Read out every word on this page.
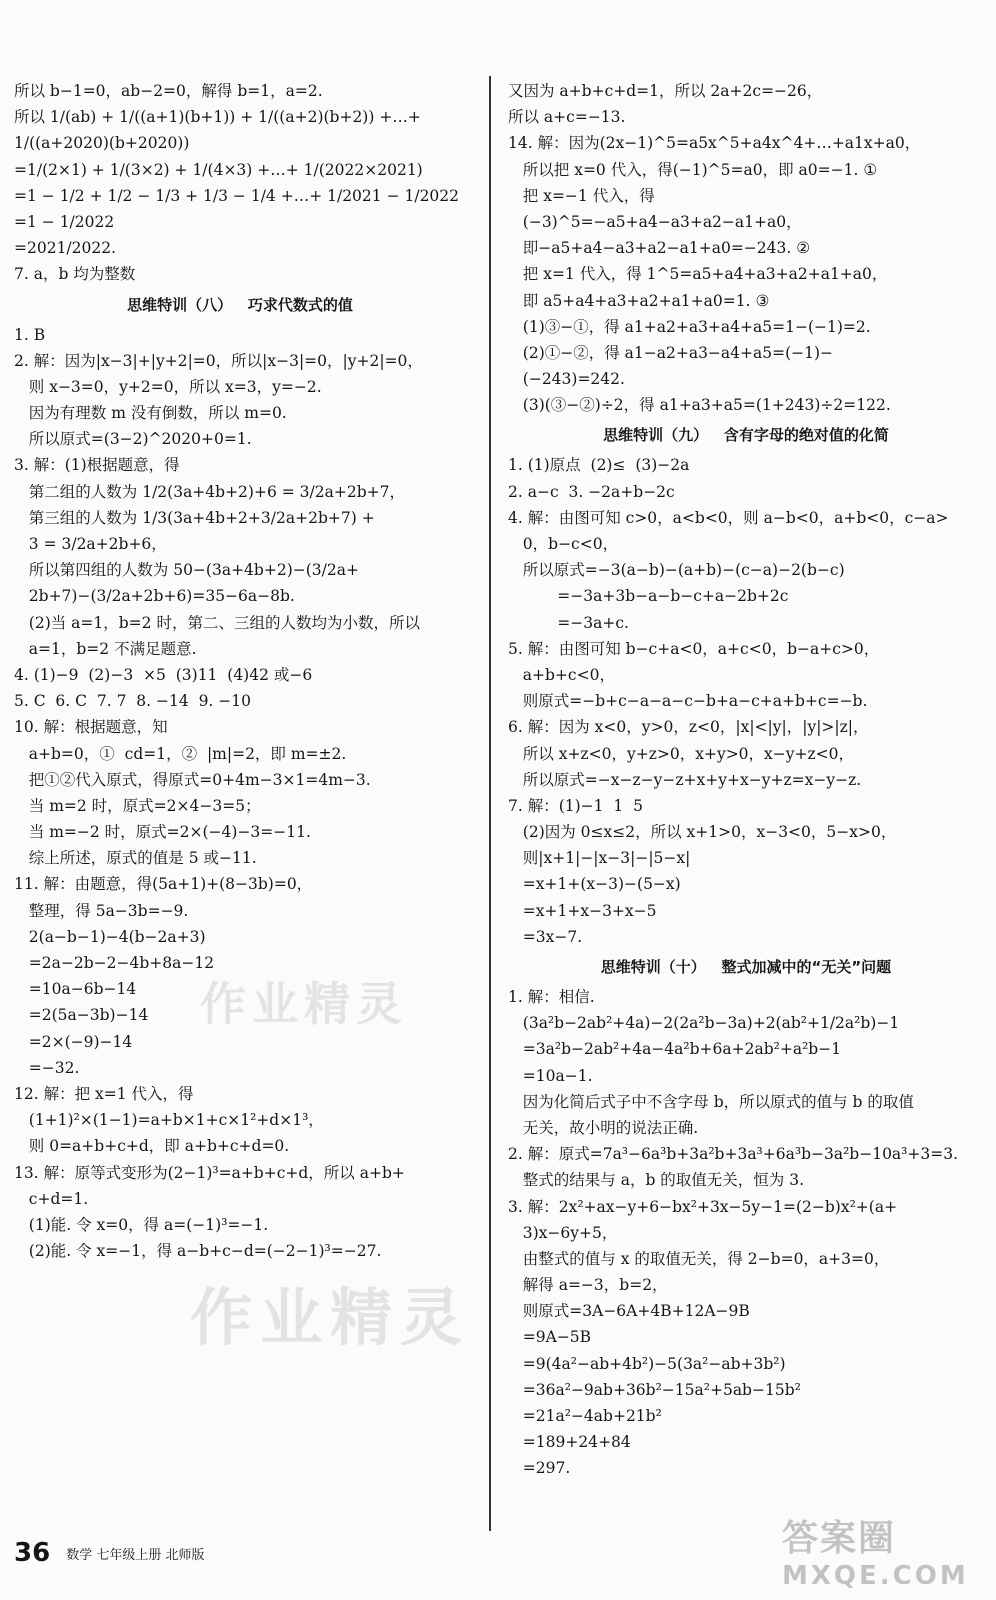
所以 b−1=0，ab−2=0，解得 b=1，a=2.
所以 1/(ab) + 1/((a+1)(b+1)) + 1/((a+2)(b+2)) +…+
1/((a+2020)(b+2020))
=1/(2×1) + 1/(3×2) + 1/(4×3) +…+ 1/(2022×2021)
=1 − 1/2 + 1/2 − 1/3 + 1/3 − 1/4 +…+ 1/2021 − 1/2022
=1 − 1/2022
=2021/2022.
7. a，b 均为整数
思维特训（八）   巧求代数式的值
1. B
2. 解：因为|x−3|+|y+2|=0，所以|x−3|=0，|y+2|=0，
则 x−3=0，y+2=0，所以 x=3，y=−2.
因为有理数 m 没有倒数，所以 m=0.
所以原式=(3−2)^2020+0=1.
3. 解：(1)根据题意，得
第二组的人数为 1/2(3a+4b+2)+6 = 3/2a+2b+7，
第三组的人数为 1/3(3a+4b+2+3/2a+2b+7) +
3 = 3/2a+2b+6，
所以第四组的人数为 50−(3a+4b+2)−(3/2a+
2b+7)−(3/2a+2b+6)=35−6a−8b.
(2)当 a=1，b=2 时，第二、三组的人数均为小数，所以
a=1，b=2 不满足题意.
4. (1)−9  (2)−3  ×5  (3)11  (4)42 或−6
5. C  6. C  7. 7  8. −14  9. −10
10. 解：根据题意，知
a+b=0，①  cd=1，②  |m|=2，即 m=±2.
把①②代入原式，得原式=0+4m−3×1=4m−3.
当 m=2 时，原式=2×4−3=5；
当 m=−2 时，原式=2×(−4)−3=−11.
综上所述，原式的值是 5 或−11.
11. 解：由题意，得(5a+1)+(8−3b)=0，
整理，得 5a−3b=−9.
2(a−b−1)−4(b−2a+3)
=2a−2b−2−4b+8a−12
=10a−6b−14
=2(5a−3b)−14
=2×(−9)−14
=−32.
12. 解：把 x=1 代入，得
(1+1)²×(1−1)=a+b×1+c×1²+d×1³，
则 0=a+b+c+d，即 a+b+c+d=0.
13. 解：原等式变形为(2−1)³=a+b+c+d，所以 a+b+
c+d=1.
(1)能. 令 x=0，得 a=(−1)³=−1.
(2)能. 令 x=−1，得 a−b+c−d=(−2−1)³=−27.
又因为 a+b+c+d=1，所以 2a+2c=−26，
所以 a+c=−13.
14. 解：因为(2x−1)^5=a5x^5+a4x^4+…+a1x+a0，
所以把 x=0 代入，得(−1)^5=a0，即 a0=−1. ①
把 x=−1 代入，得
(−3)^5=−a5+a4−a3+a2−a1+a0，
即−a5+a4−a3+a2−a1+a0=−243. ②
把 x=1 代入，得 1^5=a5+a4+a3+a2+a1+a0，
即 a5+a4+a3+a2+a1+a0=1. ③
(1)③−①，得 a1+a2+a3+a4+a5=1−(−1)=2.
(2)①−②，得 a1−a2+a3−a4+a5=(−1)−
(−243)=242.
(3)(③−②)÷2，得 a1+a3+a5=(1+243)÷2=122.
思维特训（九）   含有字母的绝对值的化简
1. (1)原点  (2)≤  (3)−2a
2. a−c  3. −2a+b−2c
4. 解：由图可知 c>0，a<b<0，则 a−b<0，a+b<0，c−a>
0，b−c<0，
所以原式=−3(a−b)−(a+b)−(c−a)−2(b−c)
=−3a+3b−a−b−c+a−2b+2c
=−3a+c.
5. 解：由图可知 b−c+a<0，a+c<0，b−a+c>0，
a+b+c<0，
则原式=−b+c−a−a−c−b+a−c+a+b+c=−b.
6. 解：因为 x<0，y>0，z<0，|x|<|y|，|y|>|z|，
所以 x+z<0，y+z>0，x+y>0，x−y+z<0，
所以原式=−x−z−y−z+x+y+x−y+z=x−y−z.
7. 解：(1)−1  1  5
(2)因为 0≤x≤2，所以 x+1>0，x−3<0，5−x>0，
则|x+1|−|x−3|−|5−x|
=x+1+(x−3)−(5−x)
=x+1+x−3+x−5
=3x−7.
思维特训（十）   整式加减中的“无关”问题
1. 解：相信.
(3a²b−2ab²+4a)−2(2a²b−3a)+2(ab²+1/2a²b)−1
=3a²b−2ab²+4a−4a²b+6a+2ab²+a²b−1
=10a−1.
因为化简后式子中不含字母 b，所以原式的值与 b 的取值
无关，故小明的说法正确.
2. 解：原式=7a³−6a³b+3a²b+3a³+6a³b−3a²b−10a³+3=3.
整式的结果与 a，b 的取值无关，恒为 3.
3. 解：2x²+ax−y+6−bx²+3x−5y−1=(2−b)x²+(a+
3)x−6y+5，
由整式的值与 x 的取值无关，得 2−b=0，a+3=0，
解得 a=−3，b=2，
则原式=3A−6A+4B+12A−9B
=9A−5B
=9(4a²−ab+4b²)−5(3a²−ab+3b²)
=36a²−9ab+36b²−15a²+5ab−15b²
=21a²−4ab+21b²
=189+24+84
=297.
作业精灵
作业精灵
36 数学 七年级上册 北师版	答案圈
MXQE.COM
